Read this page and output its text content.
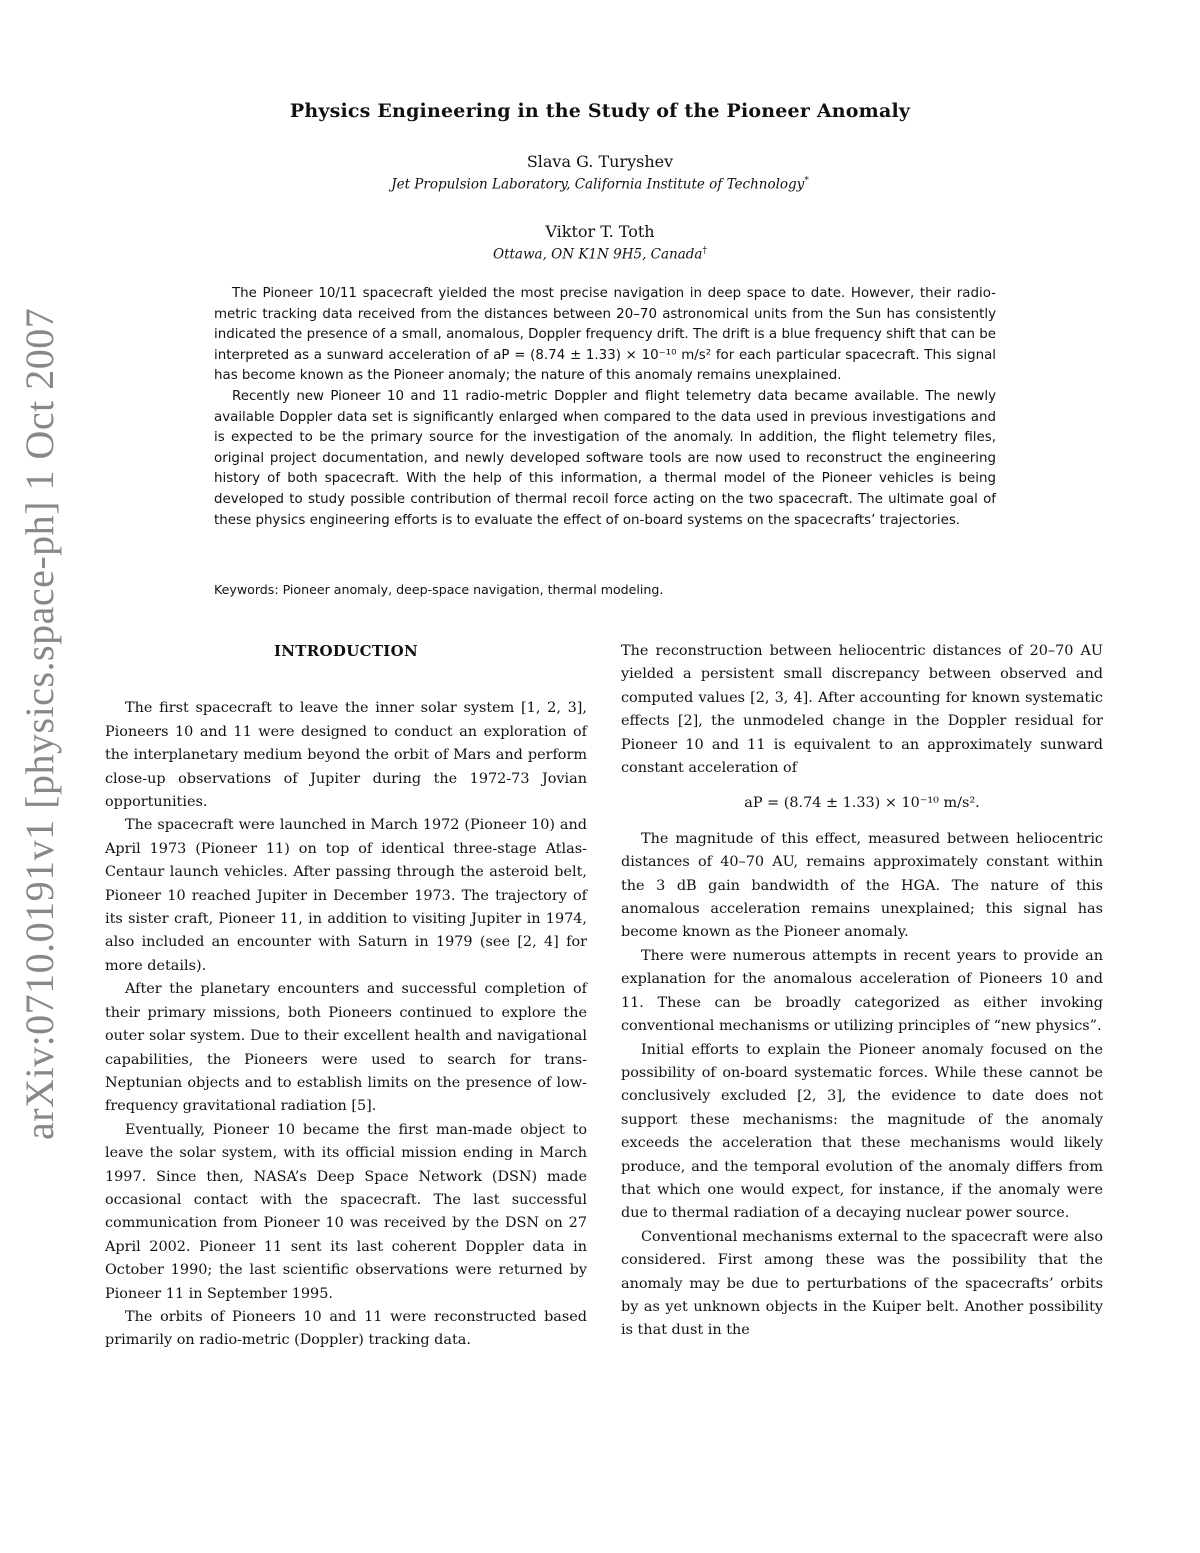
arXiv:0710.0191v1 [physics.space-ph] 1 Oct 2007
Physics Engineering in the Study of the Pioneer Anomaly
Slava G. Turyshev
Jet Propulsion Laboratory, California Institute of Technology*
Viktor T. Toth
Ottawa, ON K1N 9H5, Canada†

The Pioneer 10/11 spacecraft yielded the most precise navigation in deep space to date. However, their radio-metric tracking data received from the distances between 20–70 astronomical units from the Sun has consistently indicated the presence of a small, anomalous, Doppler frequency drift. The drift is a blue frequency shift that can be interpreted as a sunward acceleration of aP = (8.74 ± 1.33) × 10⁻¹⁰ m/s² for each particular spacecraft. This signal has become known as the Pioneer anomaly; the nature of this anomaly remains unexplained.

Recently new Pioneer 10 and 11 radio-metric Doppler and flight telemetry data became available. The newly available Doppler data set is significantly enlarged when compared to the data used in previous investigations and is expected to be the primary source for the investigation of the anomaly. In addition, the flight telemetry files, original project documentation, and newly developed software tools are now used to reconstruct the engineering history of both spacecraft. With the help of this information, a thermal model of the Pioneer vehicles is being developed to study possible contribution of thermal recoil force acting on the two spacecraft. The ultimate goal of these physics engineering efforts is to evaluate the effect of on-board systems on the spacecrafts’ trajectories.

Keywords: Pioneer anomaly, deep-space navigation, thermal modeling.
INTRODUCTION

The first spacecraft to leave the inner solar system [1, 2, 3], Pioneers 10 and 11 were designed to conduct an exploration of the interplanetary medium beyond the orbit of Mars and perform close-up observations of Jupiter during the 1972-73 Jovian opportunities.

The spacecraft were launched in March 1972 (Pioneer 10) and April 1973 (Pioneer 11) on top of identical three-stage Atlas-Centaur launch vehicles. After passing through the asteroid belt, Pioneer 10 reached Jupiter in December 1973. The trajectory of its sister craft, Pioneer 11, in addition to visiting Jupiter in 1974, also included an encounter with Saturn in 1979 (see [2, 4] for more details).

After the planetary encounters and successful completion of their primary missions, both Pioneers continued to explore the outer solar system. Due to their excellent health and navigational capabilities, the Pioneers were used to search for trans-Neptunian objects and to establish limits on the presence of low-frequency gravitational radiation [5].

Eventually, Pioneer 10 became the first man-made object to leave the solar system, with its official mission ending in March 1997. Since then, NASA’s Deep Space Network (DSN) made occasional contact with the spacecraft. The last successful communication from Pioneer 10 was received by the DSN on 27 April 2002. Pioneer 11 sent its last coherent Doppler data in October 1990; the last scientific observations were returned by Pioneer 11 in September 1995.

The orbits of Pioneers 10 and 11 were reconstructed based primarily on radio-metric (Doppler) tracking data.

The reconstruction between heliocentric distances of 20–70 AU yielded a persistent small discrepancy between observed and computed values [2, 3, 4]. After accounting for known systematic effects [2], the unmodeled change in the Doppler residual for Pioneer 10 and 11 is equivalent to an approximately sunward constant acceleration of

aP = (8.74 ± 1.33) × 10⁻¹⁰ m/s².

The magnitude of this effect, measured between heliocentric distances of 40–70 AU, remains approximately constant within the 3 dB gain bandwidth of the HGA. The nature of this anomalous acceleration remains unexplained; this signal has become known as the Pioneer anomaly.

There were numerous attempts in recent years to provide an explanation for the anomalous acceleration of Pioneers 10 and 11. These can be broadly categorized as either invoking conventional mechanisms or utilizing principles of “new physics”.

Initial efforts to explain the Pioneer anomaly focused on the possibility of on-board systematic forces. While these cannot be conclusively excluded [2, 3], the evidence to date does not support these mechanisms: the magnitude of the anomaly exceeds the acceleration that these mechanisms would likely produce, and the temporal evolution of the anomaly differs from that which one would expect, for instance, if the anomaly were due to thermal radiation of a decaying nuclear power source.

Conventional mechanisms external to the spacecraft were also considered. First among these was the possibility that the anomaly may be due to perturbations of the spacecrafts’ orbits by as yet unknown objects in the Kuiper belt. Another possibility is that dust in the
